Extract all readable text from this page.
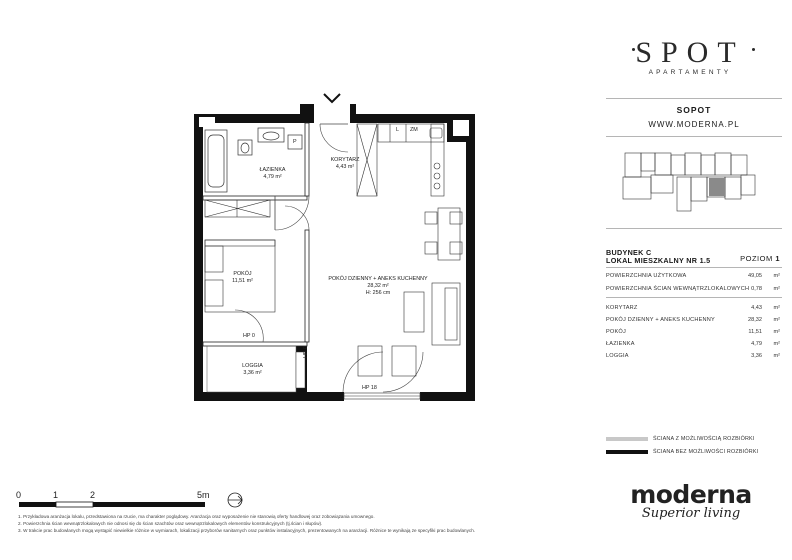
ŁAZIENKA
4,79 m²
KORYTARZ
4,43 m²
POKÓJ DZIENNY + ANEKS KUCHENNY
28,32 m²
H: 256 cm
POKÓJ
11,51 m²
LOGGIA
3,36 m²
P
L ZM
HP 0
HP 0
HP 18
SPOT
APARTAMENTY
SOPOT
WWW.MODERNA.PL
BUDYNEK C
LOKAL MIESZKALNY NR 1.5	POZIOM 1
POWIERZCHNIA UŻYTKOWA	49,05 m²
POWIERZCHNIA ŚCIAN WEWNĄTRZLOKALOWYCH 0,78 m²
KORYTARZ	4,43 m²
POKÓJ DZIENNY + ANEKS KUCHENNY	28,32 m²
POKÓJ	11,51 m²
ŁAZIENKA	4,79 m²
LOGGIA	3,36 m²
ŚCIANA Z MOŻLIWOŚCIĄ ROZBIÓRKI
ŚCIANA BEZ MOŻLIWOŚCI ROZBIÓRKI
0	1	2	5m
1. Przykładowa aranżacja lokalu, przedstawiona na rzucie, ma charakter poglądowy. Aranżacja oraz wyposażenie nie stanowią oferty handlowej oraz zobowiązania umownego.
2. Powierzchnia ścian wewnątrzlokalowych nie odnosi się do ścian szachtów oraz wewnątrzlokalowych elementów konstrukcyjnych (tj.ścian i słupów).
3. W trakcie prac budowlanych mogą wystąpić niewielkie różnice w wymiarach, lokalizacji przyborów sanitarnych oraz punktów instalacyjnych, prezentowanych na aranżacji. Różnice te wynikają ze specyfiki prac budowlanych.
moderna
Superior living
